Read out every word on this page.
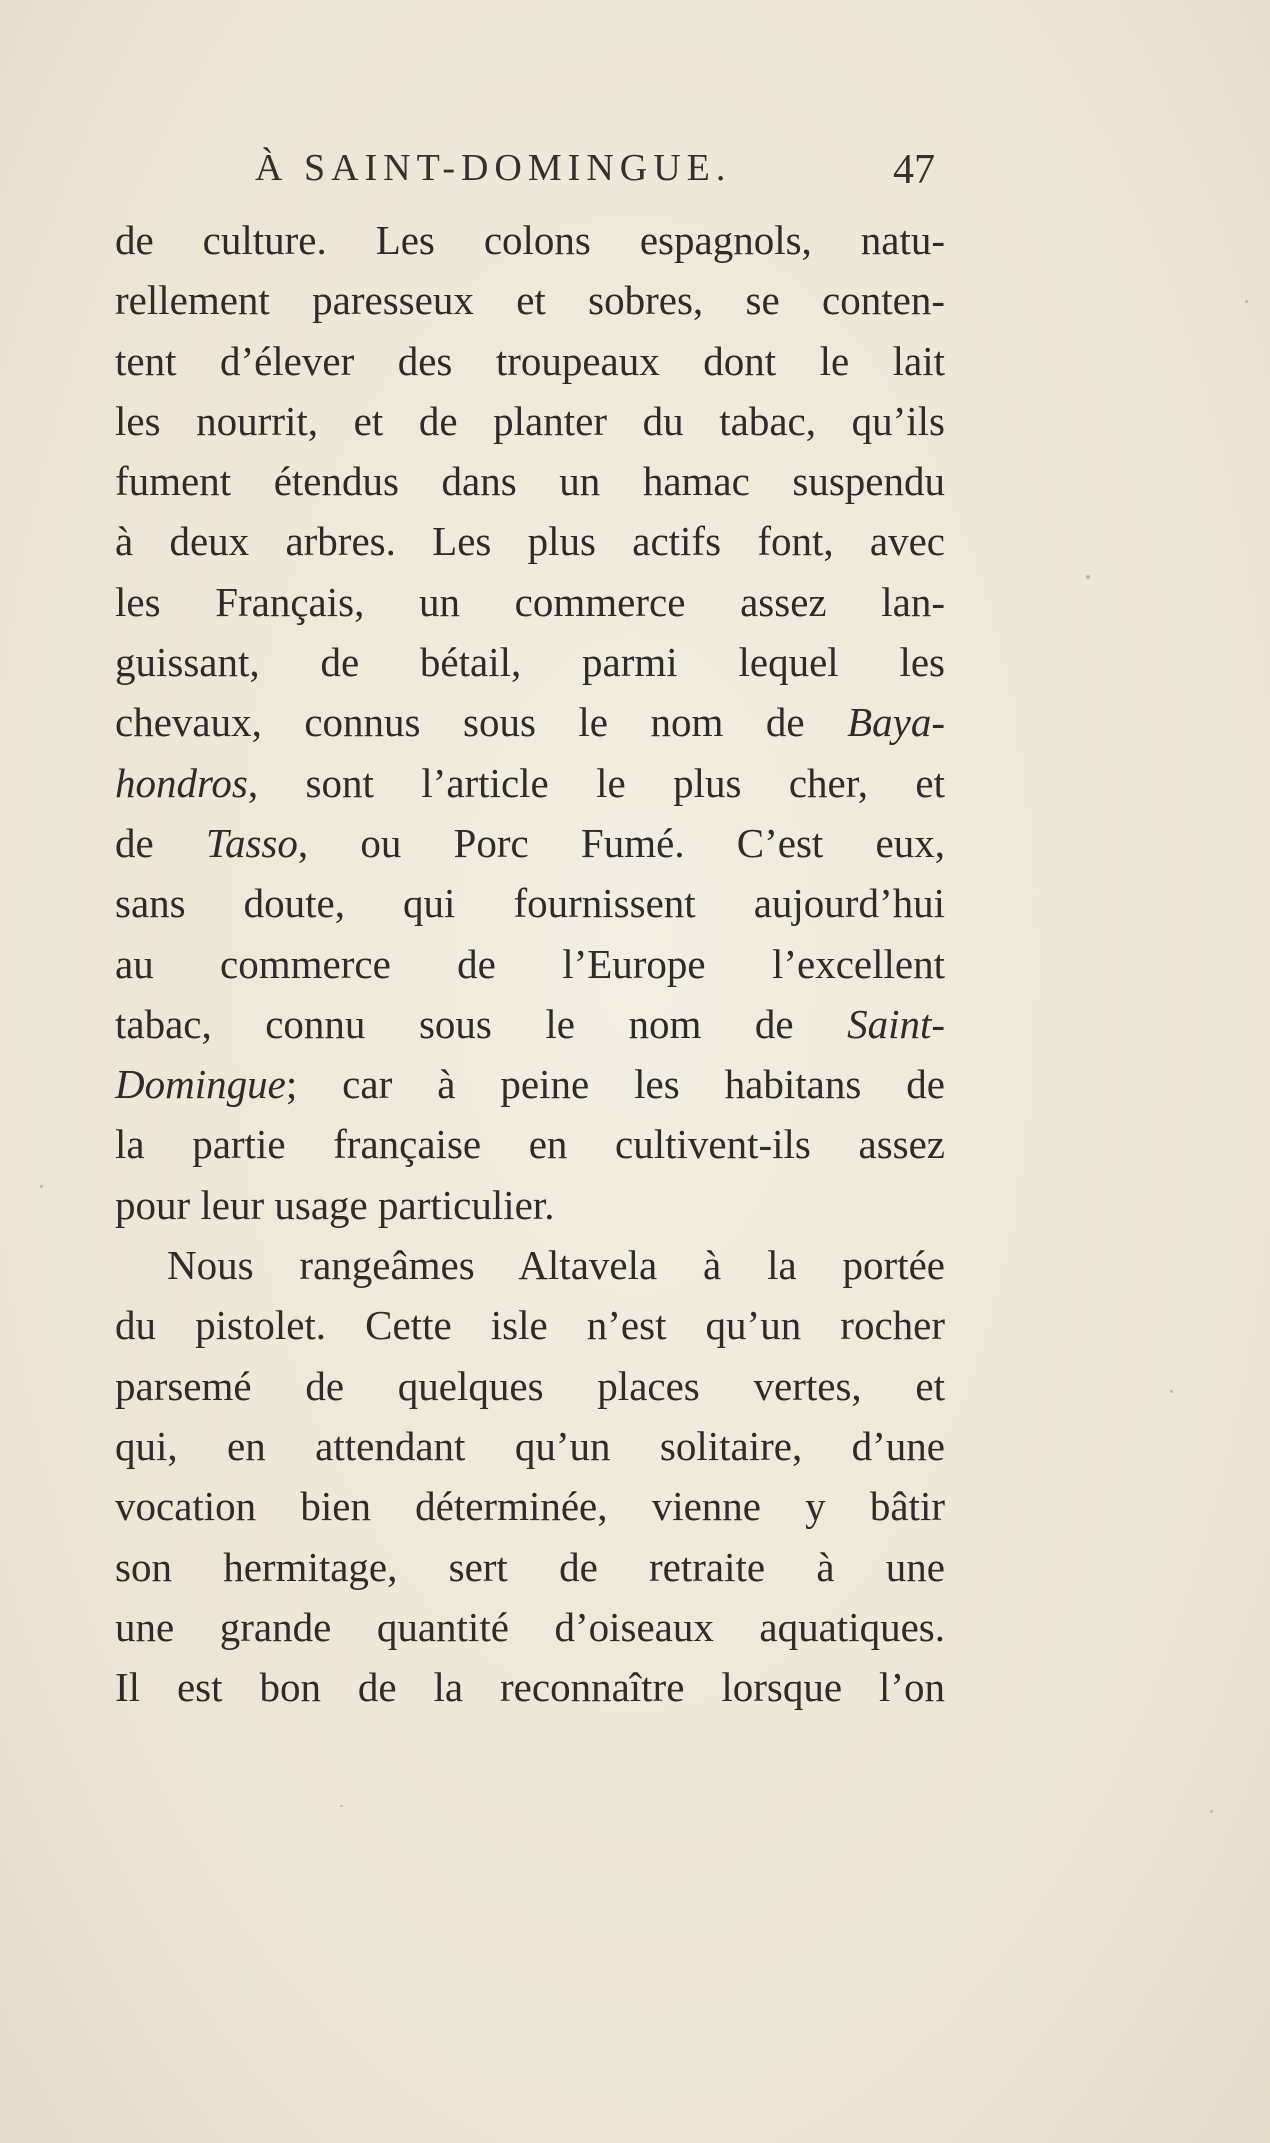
À SAINT-DOMINGUE.	47
de culture. Les colons espagnols, natu-
rellement paresseux et sobres, se conten-
tent d’élever des troupeaux dont le lait
les nourrit, et de planter du tabac, qu’ils
fument étendus dans un hamac suspendu
à deux arbres. Les plus actifs font, avec
les Français, un commerce assez lan-
guissant, de bétail, parmi lequel les
chevaux, connus sous le nom de Baya-
hondros, sont l’article le plus cher, et
de Tasso, ou Porc Fumé. C’est eux,
sans doute, qui fournissent aujourd’hui
au commerce de l’Europe l’excellent
tabac, connu sous le nom de Saint-
Domingue; car à peine les habitans de
la partie française en cultivent-ils assez
pour leur usage particulier.
Nous rangeâmes Altavela à la portée
du pistolet. Cette isle n’est qu’un rocher
parsemé de quelques places vertes, et
qui, en attendant qu’un solitaire, d’une
vocation bien déterminée, vienne y bâtir
son hermitage, sert de retraite à une
une grande quantité d’oiseaux aquatiques.
Il est bon de la reconnaître lorsque l’on
